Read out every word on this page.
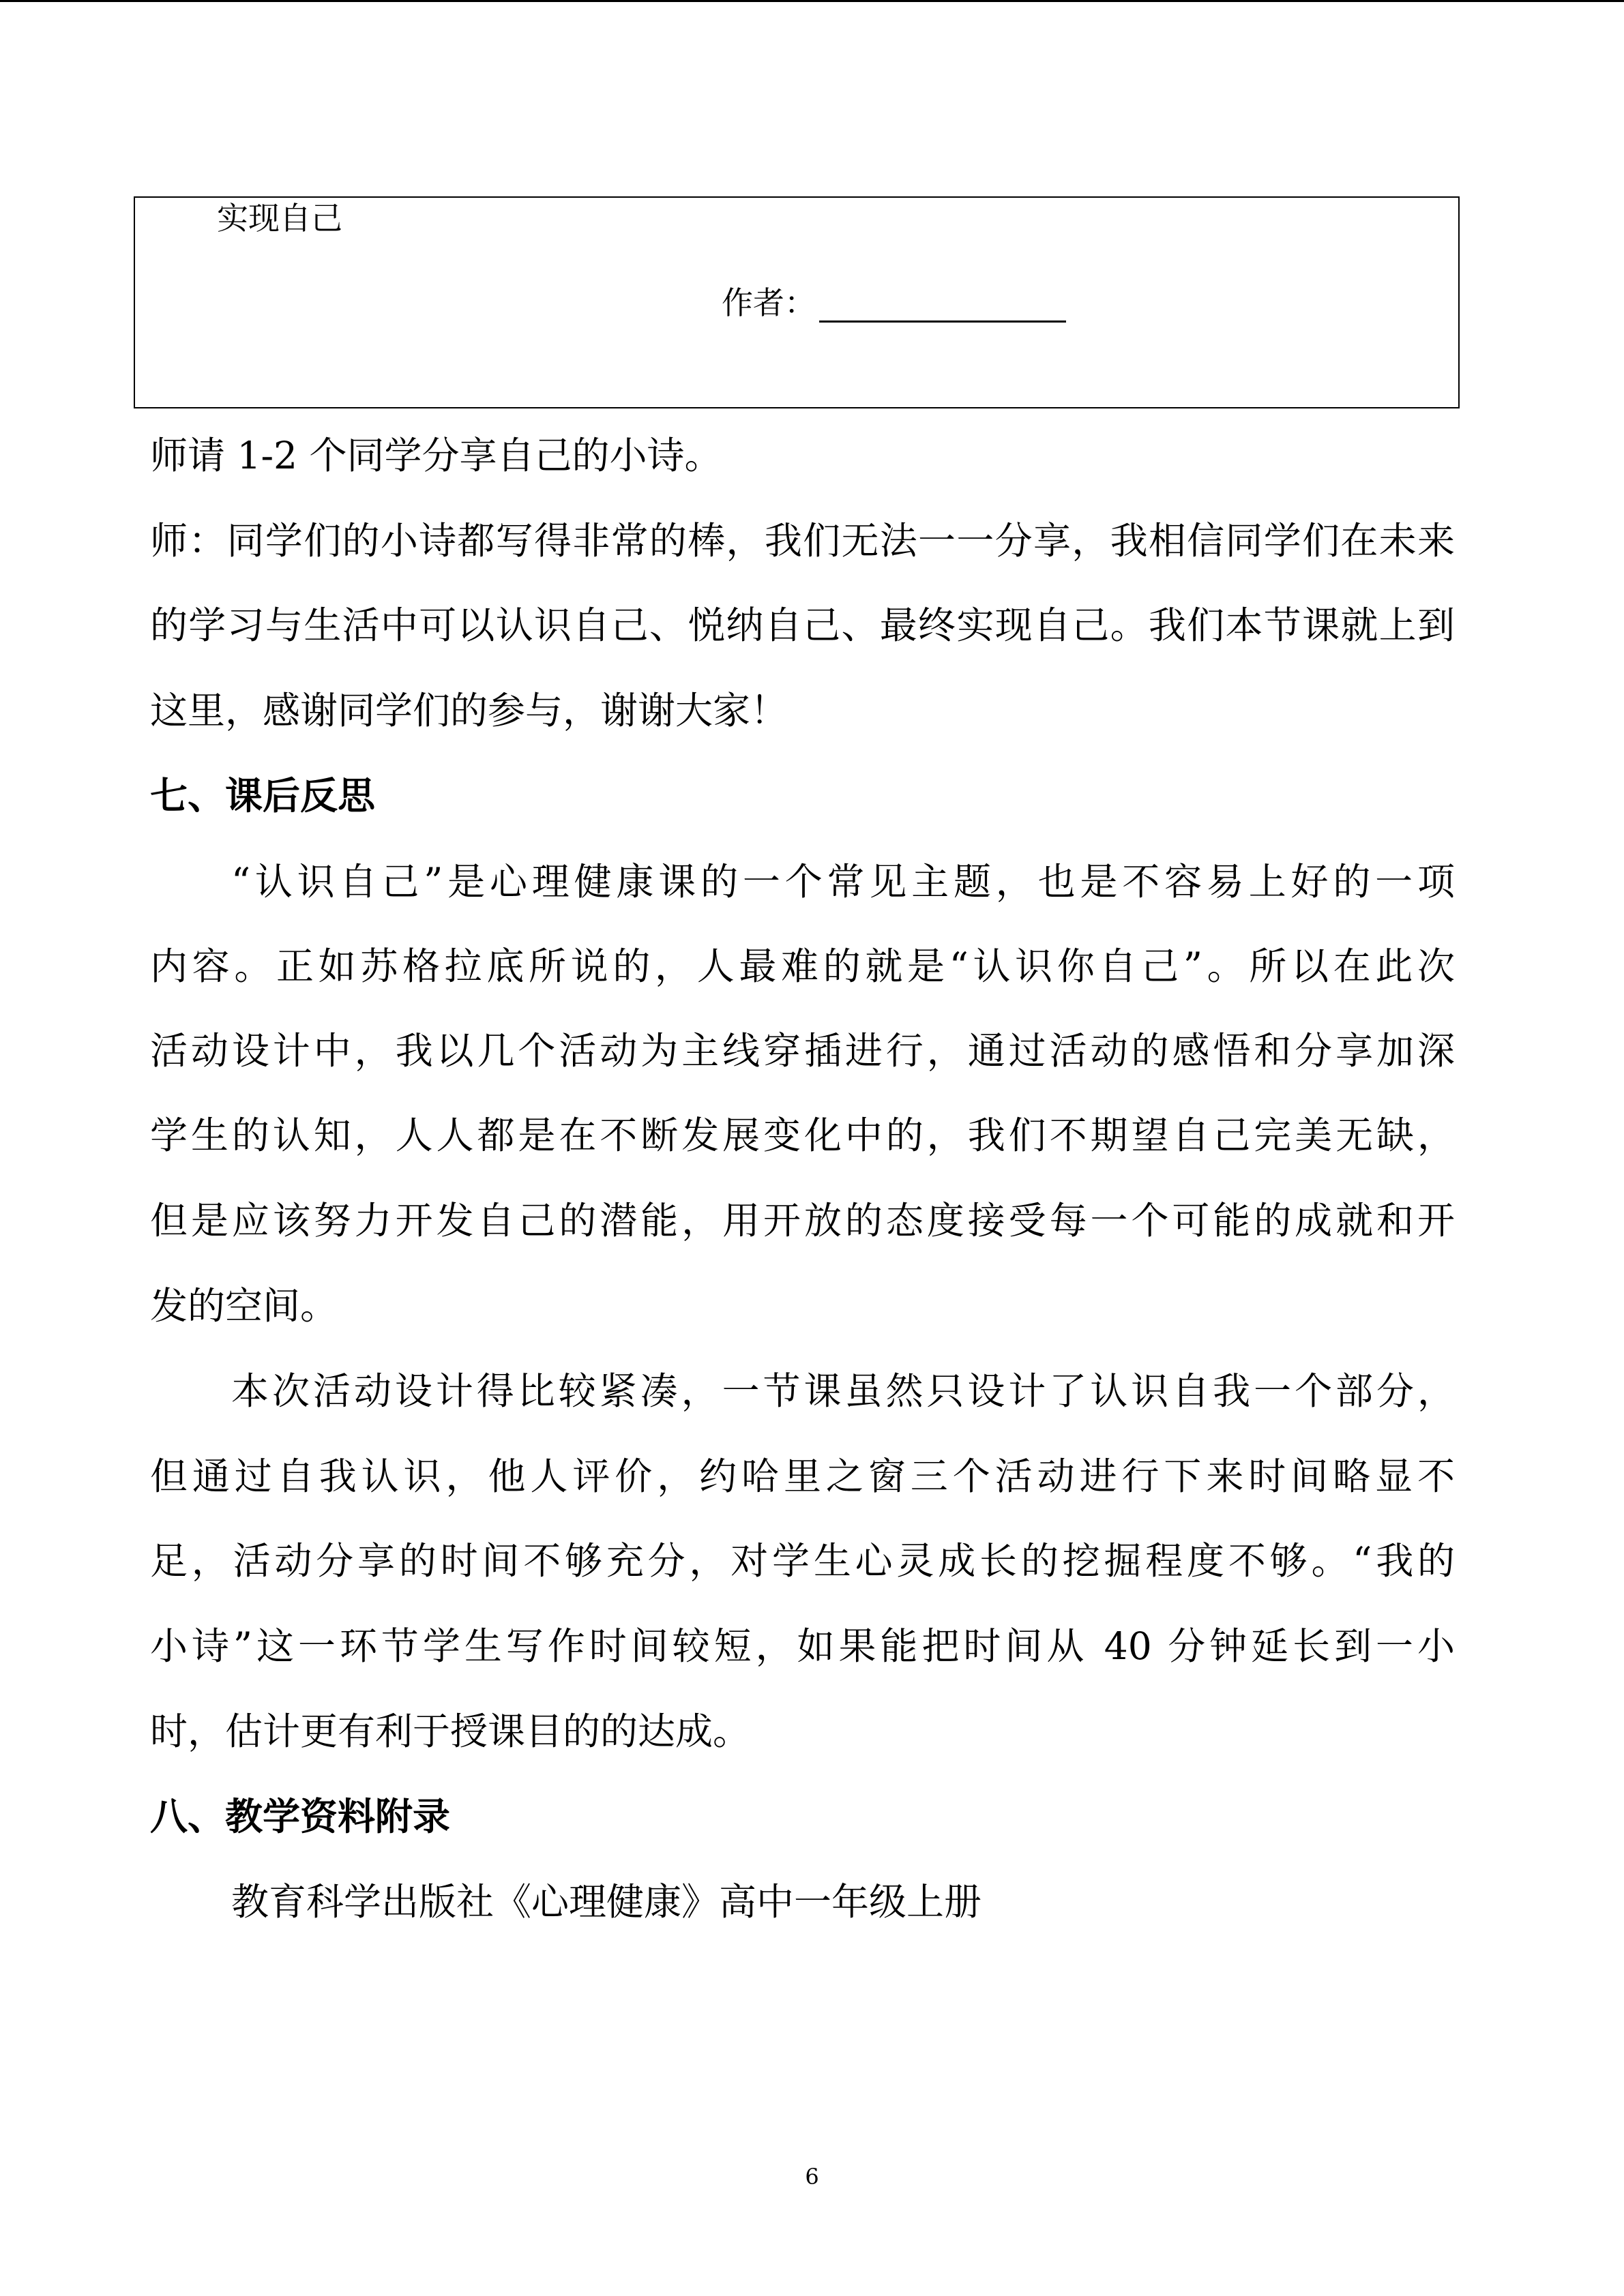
实现自己
作者：
师请 1-2 个同学分享自己的小诗。
师：同学们的小诗都写得非常的棒，我们无法一一分享，我相信同学们在未来
的学习与生活中可以认识自己、悦纳自己、最终实现自己。我们本节课就上到
这里，感谢同学们的参与，谢谢大家！
七、课后反思
“认识自己”是心理健康课的一个常见主题，也是不容易上好的一项
内容。正如苏格拉底所说的，人最难的就是“认识你自己”。所以在此次
活动设计中，我以几个活动为主线穿插进行，通过活动的感悟和分享加深
学生的认知，人人都是在不断发展变化中的，我们不期望自己完美无缺，
但是应该努力开发自己的潜能，用开放的态度接受每一个可能的成就和开
发的空间。
本次活动设计得比较紧凑，一节课虽然只设计了认识自我一个部分，
但通过自我认识，他人评价，约哈里之窗三个活动进行下来时间略显不
足，活动分享的时间不够充分，对学生心灵成长的挖掘程度不够。“我的
小诗”这一环节学生写作时间较短，如果能把时间从 40 分钟延长到一小
时，估计更有利于授课目的的达成。
八、教学资料附录
教育科学出版社《心理健康》高中一年级上册
6
